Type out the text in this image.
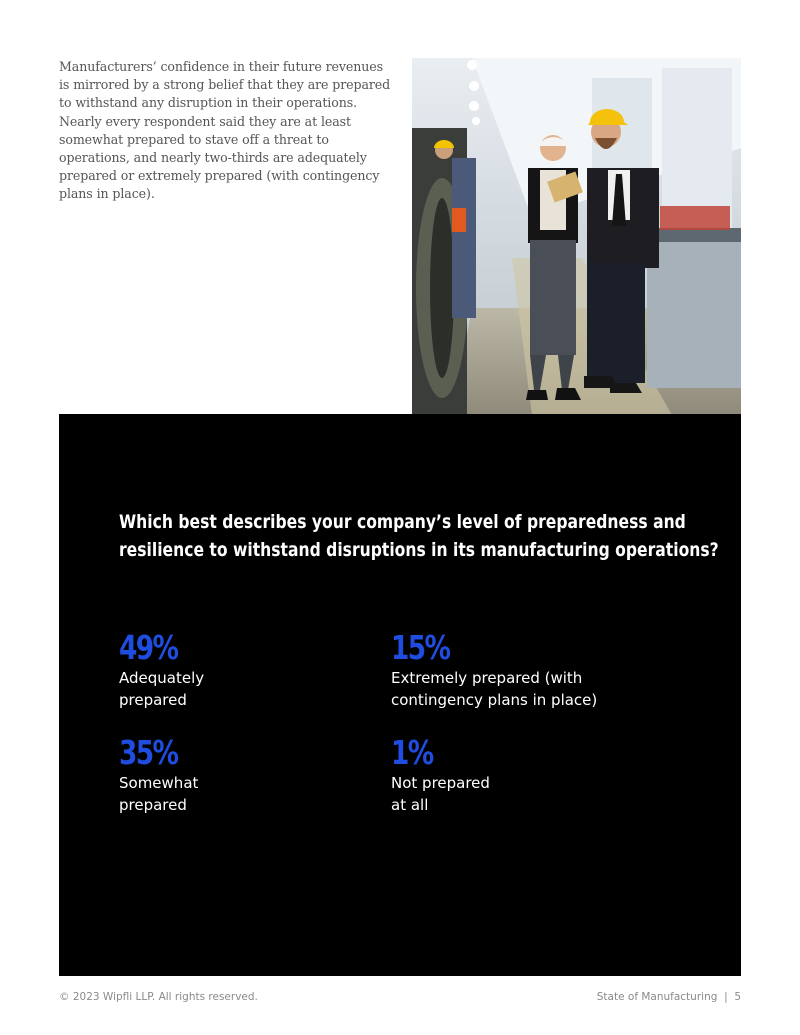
Manufacturers’ confidence in their future revenues is mirrored by a strong belief that they are prepared to withstand any disruption in their operations. Nearly every respondent said they are at least somewhat prepared to stave off a threat to operations, and nearly two-thirds are adequately prepared or extremely prepared (with contingency plans in place).

Which best describes your company’s level of preparedness and
resilience to withstand disruptions in its manufacturing operations?
49%
Adequately
prepared
15%
Extremely prepared (with
contingency plans in place)
35%
Somewhat
prepared
1%
Not prepared
at all
© 2023 Wipfli LLP. All rights reserved.	State of Manufacturing | 5
